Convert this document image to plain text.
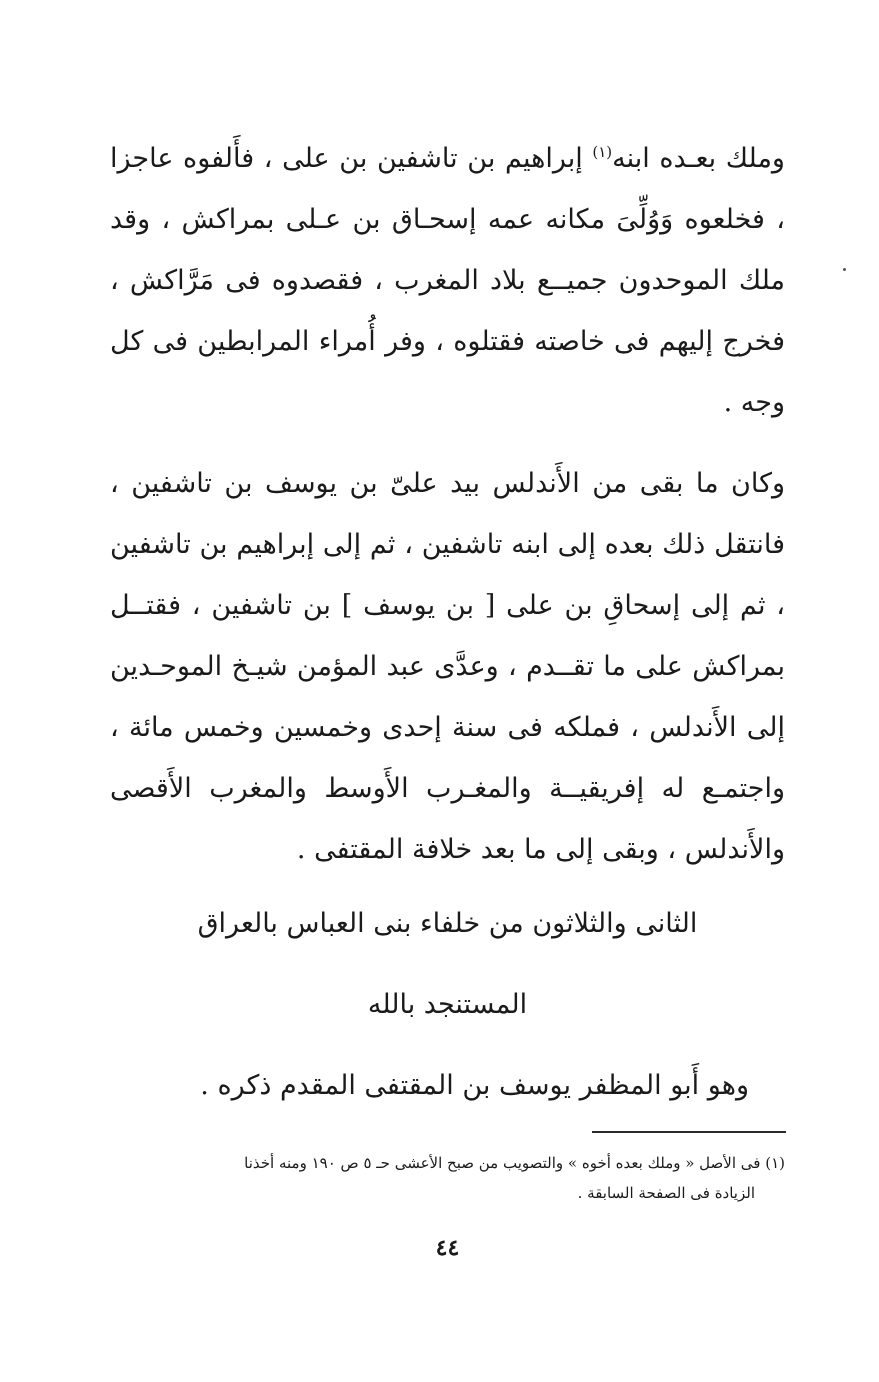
وملك بعـده ابنه$^{(١)}$ إبراهيم بن تاشفين بن على ، فأَلفوه عاجزا ، فخلعوه وَوُلِّىَ مكانه عمه إسحـاق بن عـلى بمراكش ، وقد ملك الموحدون جميــع بلاد المغرب ، فقصدوه فى مَرَّاكش ، فخرج إليهم فى خاصته فقتلوه ، وفر أُمراء المرابطين فى كل وجه .
وكان ما بقى من الأَندلس بيد علىّ بن يوسف بن تاشفين ، فانتقل ذلك بعده إلى ابنه تاشفين ، ثم إلى إبراهيم بن تاشفين ، ثم إلى إسحاقِ بن على [ بن يوسف ] بن تاشفين ، فقتــل بمراكش على ما تقــدم ، وعدَّى عبد المؤمن شيـخ الموحـدين إلى الأَندلس ، فملكه فى سنة إحدى وخمسين وخمس مائة ، واجتمـع له إفريقيــة والمغـرب الأَوسط والمغرب الأَقصى والأَندلس ، وبقى إلى ما بعد خلافة المقتفى .
الثانى والثلاثون من خلفاء بنى العباس بالعراق
المستنجد بالله
وهو أَبو المظفر يوسف بن المقتفى المقدم ذكره .
(١) فى الأصل « وملك بعده أخوه » والتصويب من صبح الأعشى حـ ٥ ص ١٩٠ ومنه أخذنا
الزيادة فى الصفحة السابقة .
٤٤
